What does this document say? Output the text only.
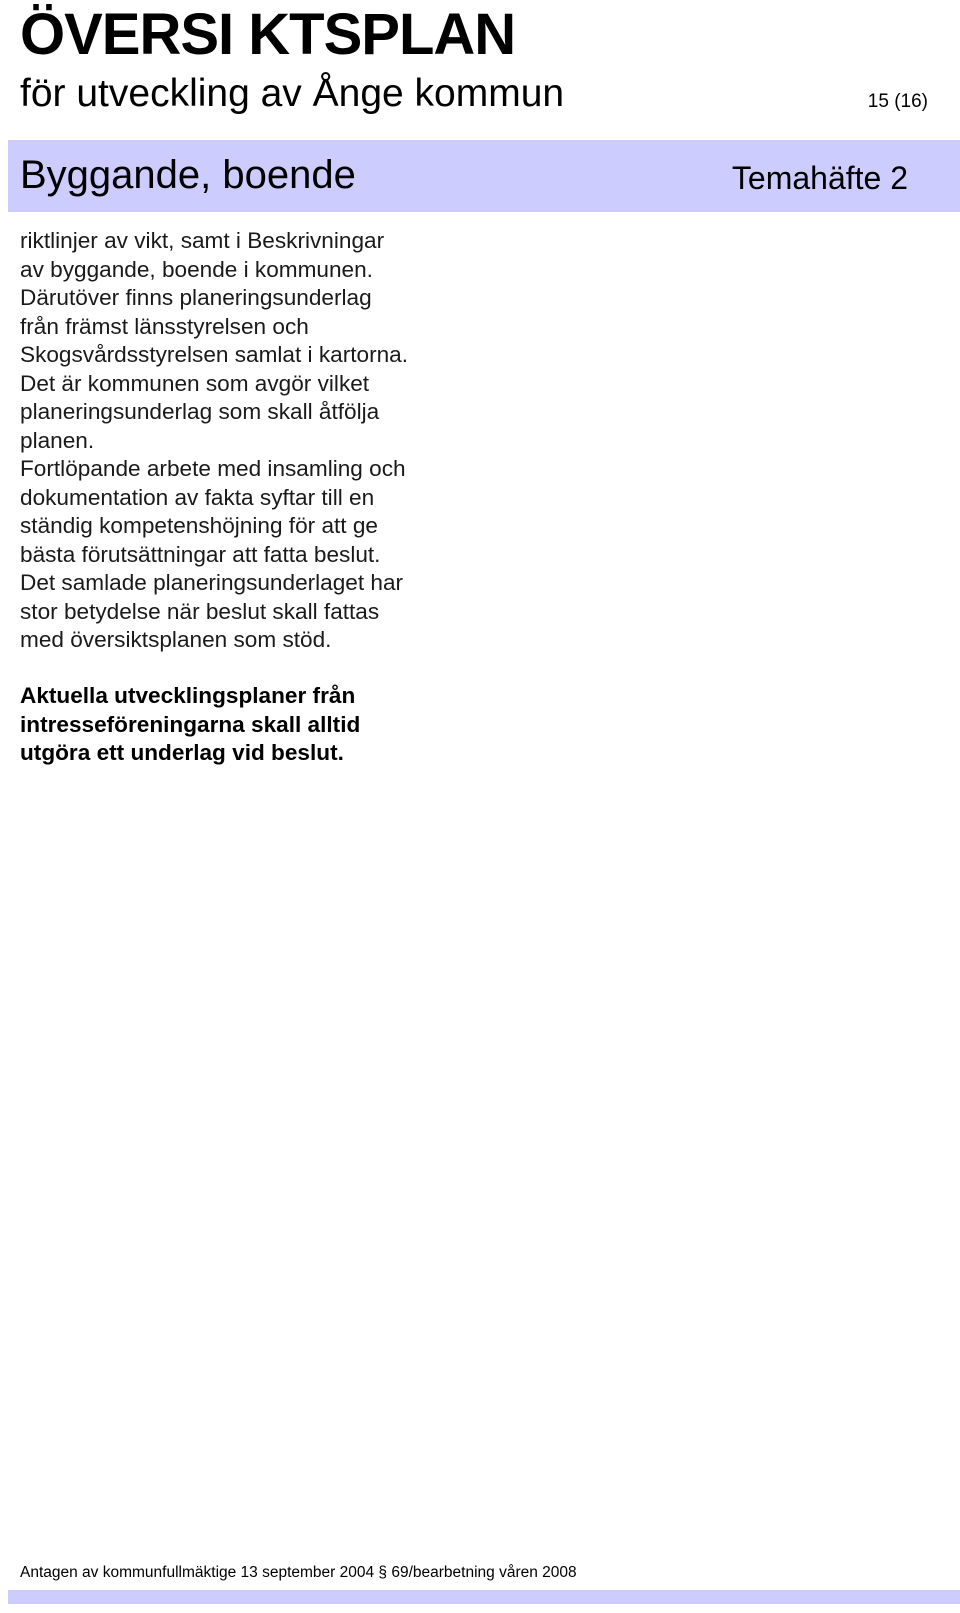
ÖVERSI KTSPLAN
för utveckling av Ånge kommun	15 (16)
Byggande, boende	Temahäfte 2

riktlinjer av vikt, samt i Beskrivningar
av byggande, boende i kommunen.
Därutöver finns planeringsunderlag
från främst länsstyrelsen och
Skogsvårdsstyrelsen samlat i kartorna.
Det är kommunen som avgör vilket
planeringsunderlag som skall åtfölja
planen.
Fortlöpande arbete med insamling och
dokumentation av fakta syftar till en
ständig kompetenshöjning för att ge
bästa förutsättningar att fatta beslut.
Det samlade planeringsunderlaget har
stor betydelse när beslut skall fattas
med översiktsplanen som stöd.

Aktuella utvecklingsplaner från
intresseföreningarna skall alltid
utgöra ett underlag vid beslut.

Antagen av kommunfullmäktige 13 september 2004 § 69/bearbetning våren 2008
